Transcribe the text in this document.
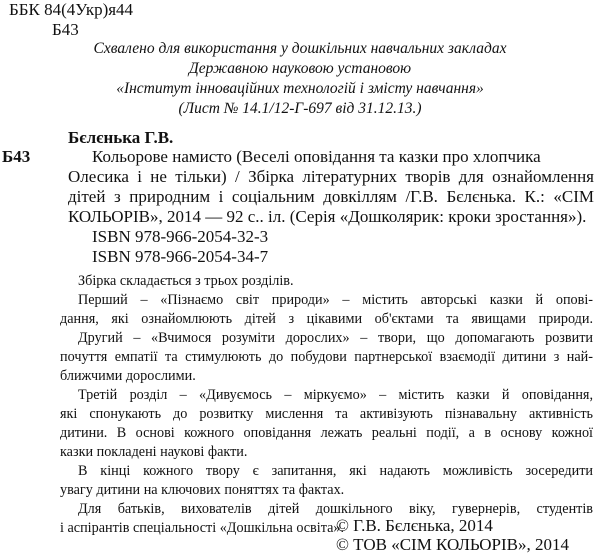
ББК 84(4Укр)я44
Б43
Схвалено для використання у дошкільних навчальних закладах
Державною науковою установою
«Інститут інноваційних технологій і змісту навчання»
(Лист № 14.1/12-Г-697 від 31.12.13.)
Бєлєнька Г.В.
Б43	Кольорове намисто (Веселі оповідання та казки про хлопчика
Олесика і не тільки) / Збірка літературних творів для ознайомлення
дітей з природним і соціальним довкіллям /Г.В. Бєлєнька. К.: «СІМ
КОЛЬОРІВ», 2014 — 92 с.. іл. (Серія «Дошколярик: кроки зростання»).
ISBN 978-966-2054-32-3
ISBN 978-966-2054-34-7
Збірка складається з трьох розділів.
Перший – «Пізнаємо світ природи» – містить авторські казки й опові-
дання, які ознайомлюють дітей з цікавими об'єктами та явищами природи.
Другий – «Вчимося розуміти дорослих» – твори, що допомагають розвити
почуття емпатії та стимулюють до побудови партнерської взаємодії дитини з най-
ближчими дорослими.
Третій розділ – «Дивуємось – міркуємо» – містить казки й оповідання,
які спонукають до розвитку мислення та активізують пізнавальну активність
дитини. В основі кожного оповідання лежать реальні події, а в основу кожної
казки покладені наукові факти.
В кінці кожного твору є запитання, які надають можливість зосередити
увагу дитини на ключових поняттях та фактах.
Для батьків, вихователів дітей дошкільного віку, гувернерів, студентів
і аспірантів спеціальності «Дошкільна освіта».
© Г.В. Бєлєнька, 2014
© ТОВ «СІМ КОЛЬОРІВ», 2014
